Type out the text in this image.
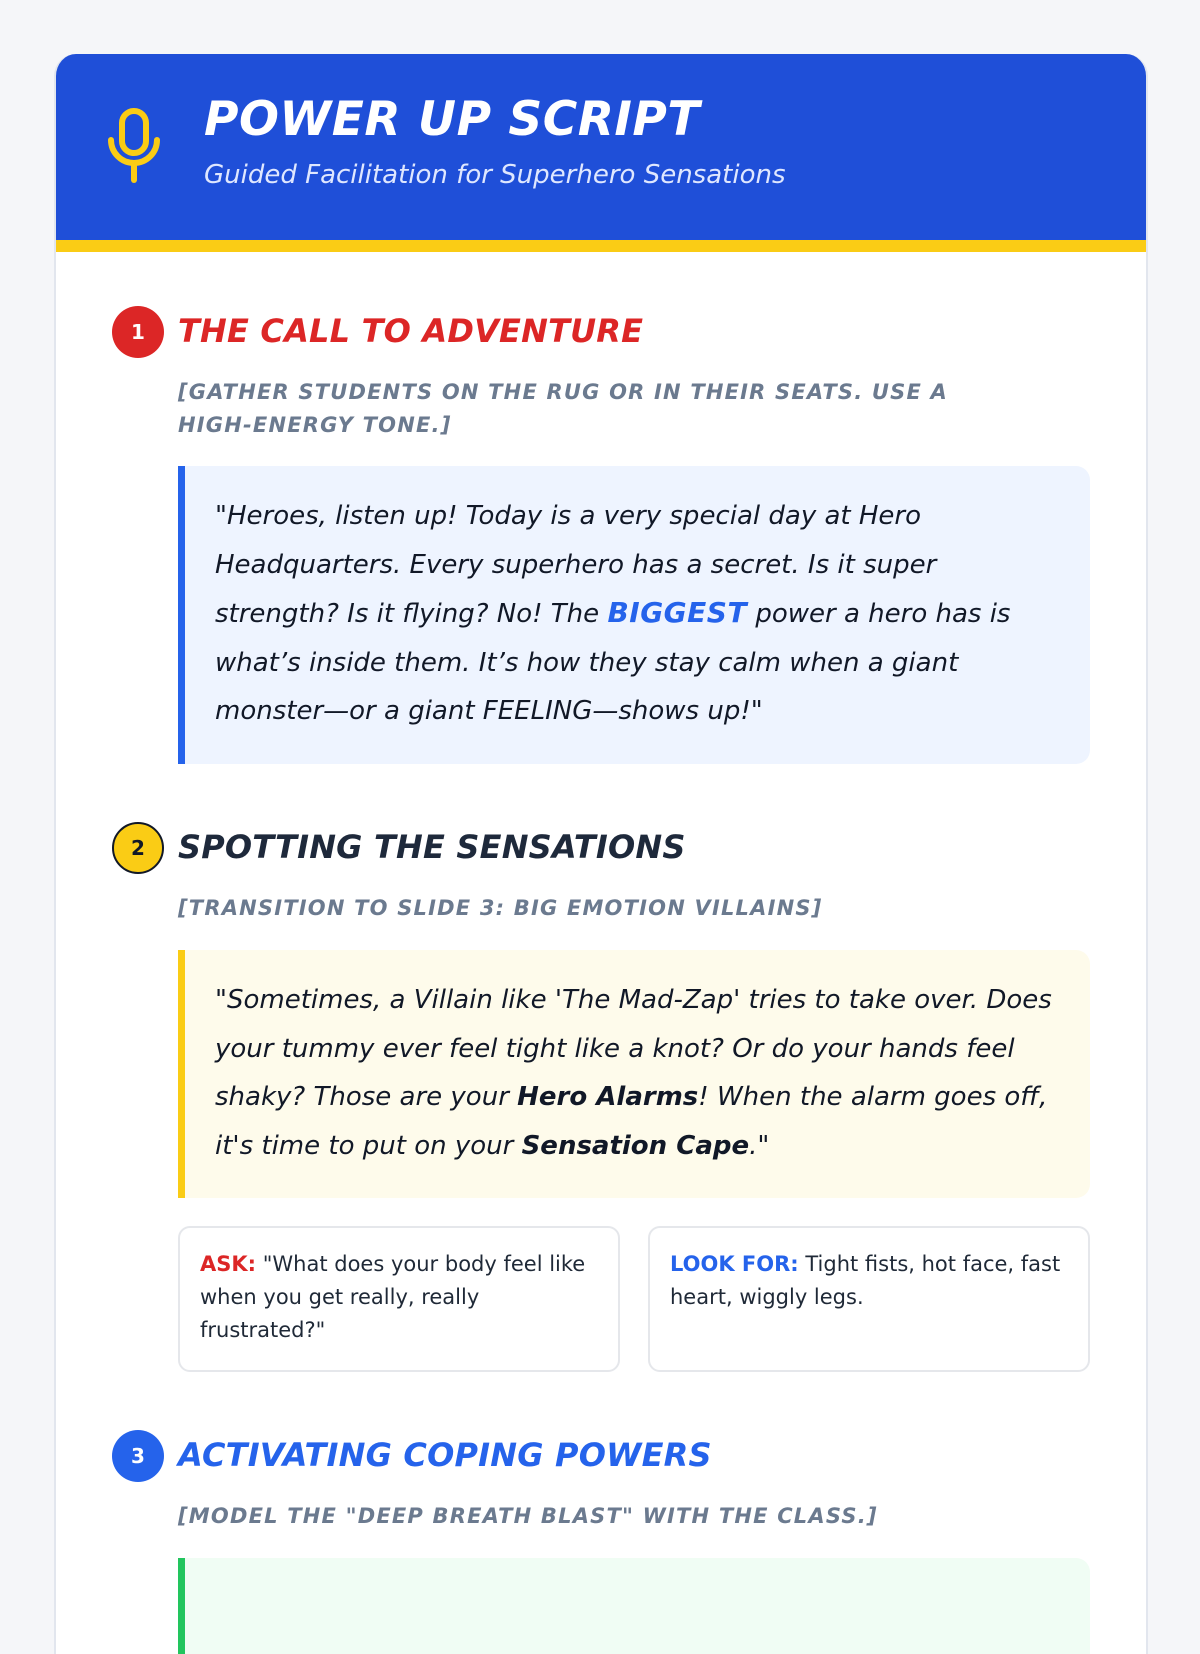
POWER UP SCRIPT
Guided Facilitation for Superhero Sensations
1	THE CALL TO ADVENTURE
[GATHER STUDENTS ON THE RUG OR IN THEIR SEATS. USE A HIGH-ENERGY TONE.]
"Heroes, listen up! Today is a very special day at Hero Headquarters. Every superhero has a secret. Is it super strength? Is it flying? No! The BIGGEST power a hero has is what’s inside them. It’s how they stay calm when a giant monster—or a giant FEELING—shows up!"
2	SPOTTING THE SENSATIONS
[TRANSITION TO SLIDE 3: BIG EMOTION VILLAINS]
"Sometimes, a Villain like 'The Mad-Zap' tries to take over. Does your tummy ever feel tight like a knot? Or do your hands feel shaky? Those are your Hero Alarms! When the alarm goes off, it's time to put on your Sensation Cape."
ASK: "What does your body feel like when you get really, really frustrated?"
LOOK FOR: Tight fists, hot face, fast heart, wiggly legs.
3	ACTIVATING COPING POWERS
[MODEL THE "DEEP BREATH BLAST" WITH THE CLASS.]
